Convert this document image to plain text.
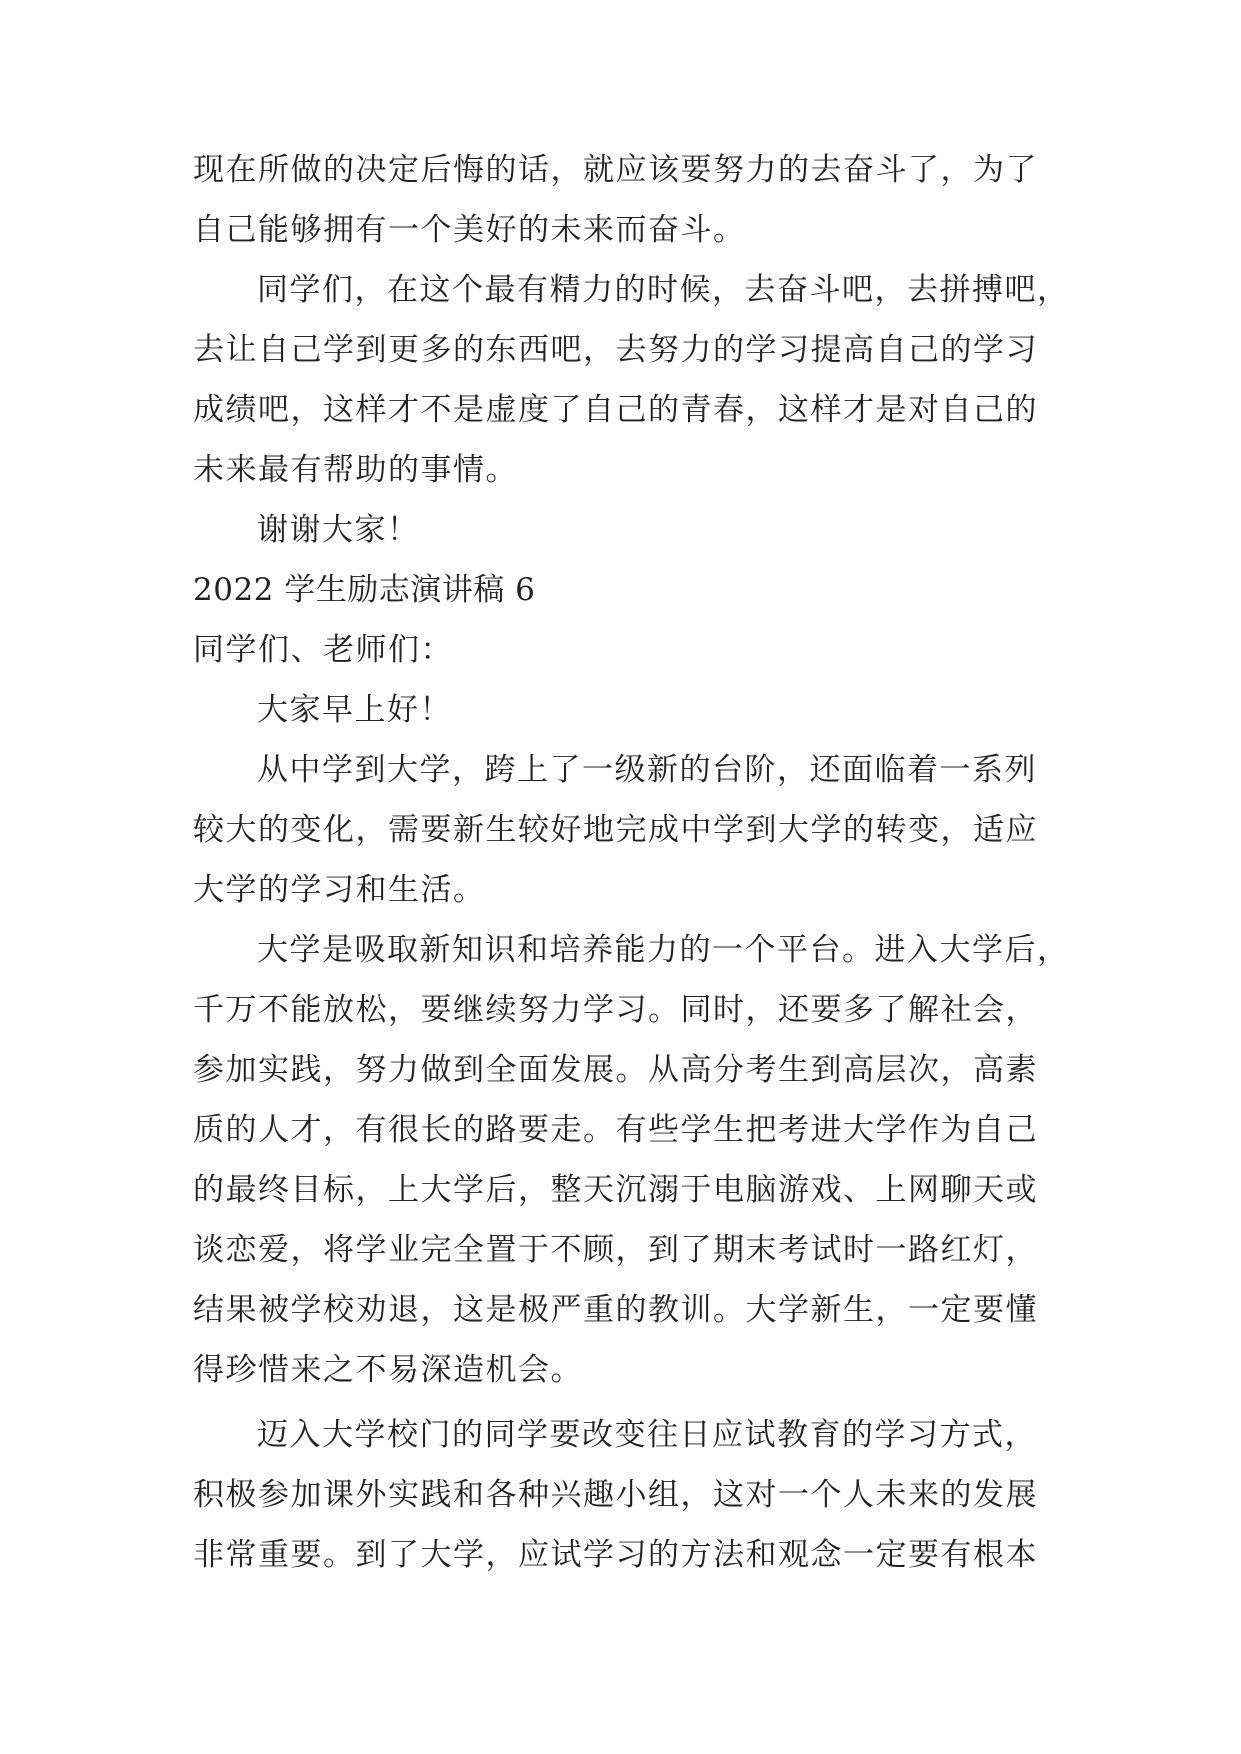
现在所做的决定后悔的话，就应该要努力的去奋斗了，为了
自己能够拥有一个美好的未来而奋斗。
同学们，在这个最有精力的时候，去奋斗吧，去拼搏吧，
去让自己学到更多的东西吧，去努力的学习提高自己的学习
成绩吧，这样才不是虚度了自己的青春，这样才是对自己的
未来最有帮助的事情。
谢谢大家！
2022 学生励志演讲稿 6
同学们、老师们：
大家早上好！
从中学到大学，跨上了一级新的台阶，还面临着一系列
较大的变化，需要新生较好地完成中学到大学的转变，适应
大学的学习和生活。
大学是吸取新知识和培养能力的一个平台。进入大学后，
千万不能放松，要继续努力学习。同时，还要多了解社会，
参加实践，努力做到全面发展。从高分考生到高层次，高素
质的人才，有很长的路要走。有些学生把考进大学作为自己
的最终目标，上大学后，整天沉溺于电脑游戏、上网聊天或
谈恋爱，将学业完全置于不顾，到了期末考试时一路红灯，
结果被学校劝退，这是极严重的教训。大学新生，一定要懂
得珍惜来之不易深造机会。
迈入大学校门的同学要改变往日应试教育的学习方式，
积极参加课外实践和各种兴趣小组，这对一个人未来的发展
非常重要。到了大学，应试学习的方法和观念一定要有根本
